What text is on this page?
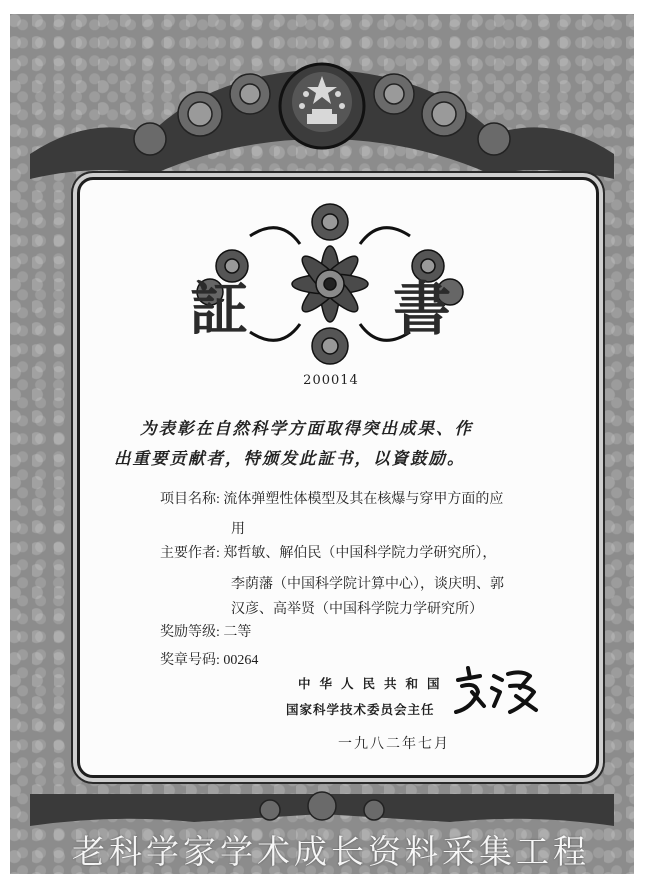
証 書
200014
为表彰在自然科学方面取得突出成果、作
出重要贡献者，特颁发此証书，以資鼓励。
项目名称: 流体弹塑性体模型及其在核爆与穿甲方面的应
用
主要作者: 郑哲敏、解伯民（中国科学院力学研究所），
李荫藩（中国科学院计算中心），谈庆明、郭
汉彦、高举贤（中国科学院力学研究所）
奖励等级: 二等
奖章号码: 00264
中华人民共和国
国家科学技术委员会主任
一九八二年七月
老科学家学术成长资料采集工程
